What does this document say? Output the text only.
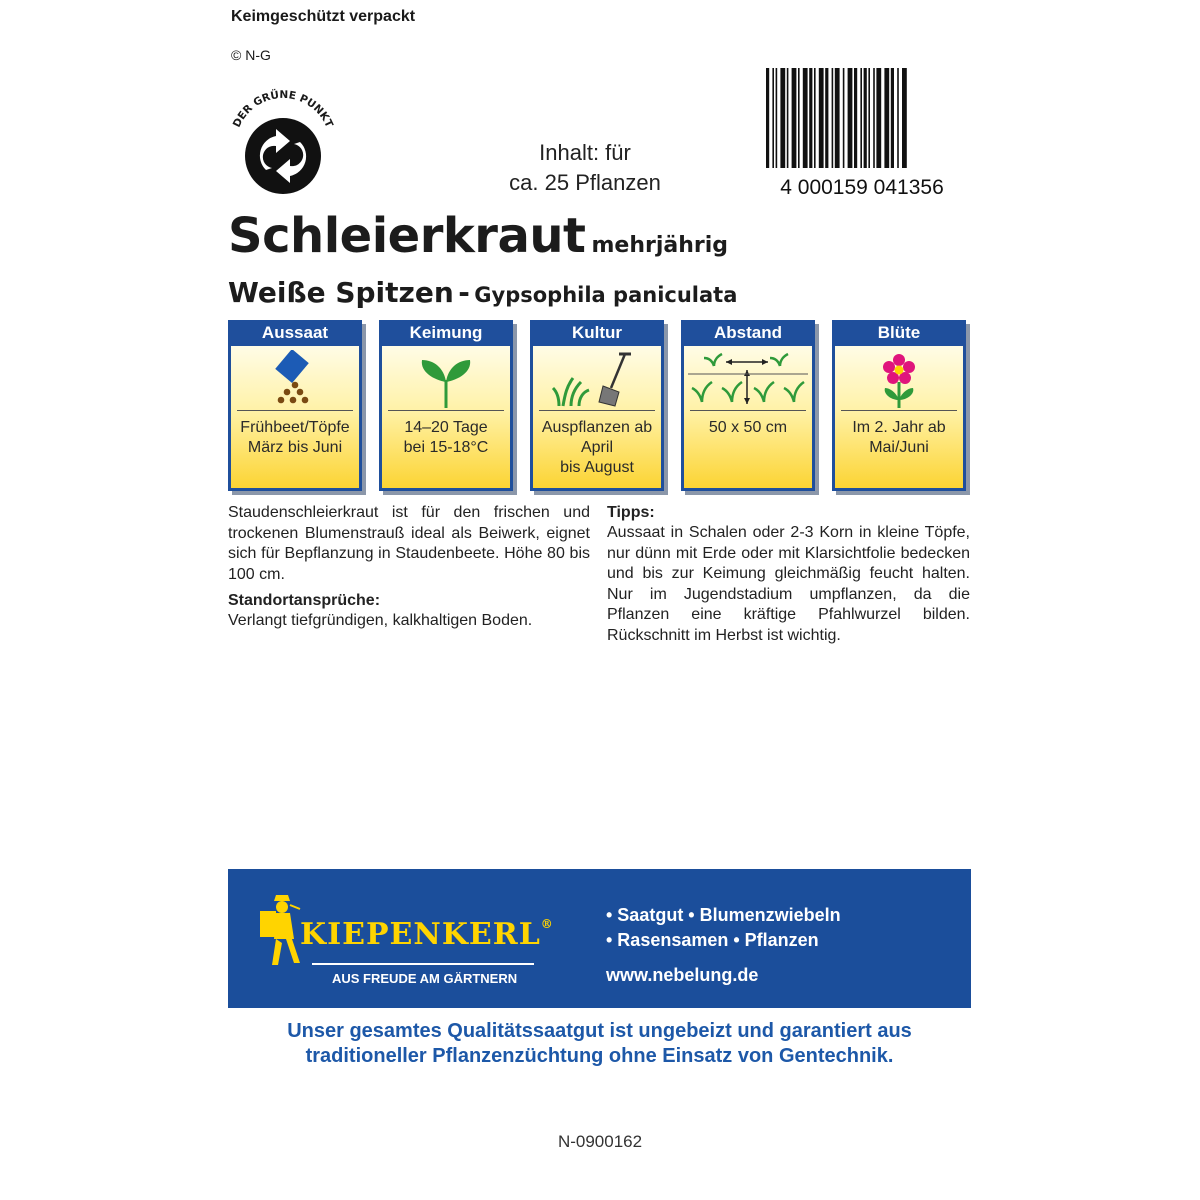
Keimgeschützt verpackt
© N-G
DER GRÜNE PUNKT
Inhalt: für
ca. 25 Pflanzen	4 000159 041356
Schleierkraut mehrjährig
Weiße Spitzen - Gypsophila paniculata
Aussaat
Frühbeet/Töpfe
März bis Juni
Keimung
14–20 Tage
bei 15-18°C
Kultur
Auspflanzen ab
April
bis August
Abstand
50 x 50 cm
Blüte
Im 2. Jahr ab
Mai/Juni

Staudenschleierkraut ist für den frischen und trockenen Blumenstrauß ideal als Beiwerk, eignet sich für Bepflanzung in Staudenbeete. Höhe 80 bis 100 cm.

Standortansprüche:

Verlangt tiefgründigen, kalkhaltigen Boden.

Tipps:

Aussaat in Schalen oder 2-3 Korn in kleine Töpfe, nur dünn mit Erde oder mit Klarsichtfolie bedecken und bis zur Keimung gleichmäßig feucht halten. Nur im Jugendstadium umpflanzen, da die Pflanzen eine kräftige Pfahlwurzel bilden. Rückschnitt im Herbst ist wichtig.

KIEPENKERL®
AUS FREUDE AM GÄRTNERN
• Saatgut • Blumenzwiebeln
• Rasensamen • Pflanzen
www.nebelung.de
Unser gesamtes Qualitätssaatgut ist ungebeizt und garantiert aus
traditioneller Pflanzenzüchtung ohne Einsatz von Gentechnik.
N-0900162
